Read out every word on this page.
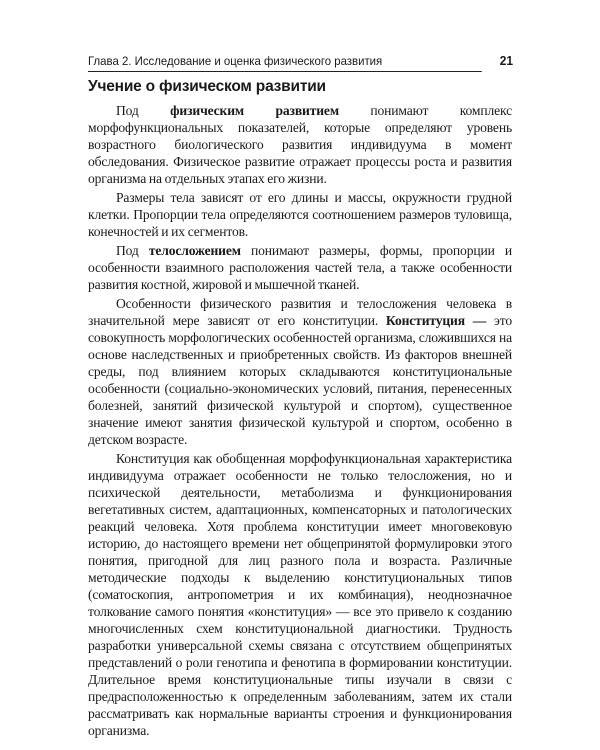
Глава 2. Исследование и оценка физического развития	21
Учение о физическом развитии

Под физическим развитием понимают комплекс морфофункциональных показателей, которые определяют уровень возрастного биологического развития индивидуума в момент обследования. Физическое развитие отражает процессы роста и развития организма на отдельных этапах его жизни.

Размеры тела зависят от его длины и массы, окружности грудной клетки. Пропорции тела определяются соотношением размеров туловища, конечностей и их сегментов.

Под телосложением понимают размеры, формы, пропорции и особенности взаимного расположения частей тела, а также особенности развития костной, жировой и мышечной тканей.

Особенности физического развития и телосложения человека в значительной мере зависят от его конституции. Конституция — это совокупность морфологических особенностей организма, сложившихся на основе наследственных и приобретенных свойств. Из факторов внешней среды, под влиянием которых складываются конституциональные особенности (социально-экономических условий, питания, перенесенных болезней, занятий физической культурой и спортом), существенное значение имеют занятия физической культурой и спортом, особенно в детском возрасте.

Конституция как обобщенная морфофункциональная характеристика индивидуума отражает особенности не только телосложения, но и психической деятельности, метаболизма и функционирования вегетативных систем, адаптационных, компенсаторных и патологических реакций человека. Хотя проблема конституции имеет многовековую историю, до настоящего времени нет общепринятой формулировки этого понятия, пригодной для лиц разного пола и возраста. Различные методические подходы к выделению конституциональных типов (соматоскопия, антропометрия и их комбинация), неоднозначное толкование самого понятия «конституция» — все это привело к созданию многочисленных схем конституциональной диагностики. Трудность разработки универсальной схемы связана с отсутствием общепринятых представлений о роли генотипа и фенотипа в формировании конституции. Длительное время конституциональные типы изучали в связи с предрасположенностью к определенным заболеваниям, затем их стали рассматривать как нормальные варианты строения и функционирования организма.
